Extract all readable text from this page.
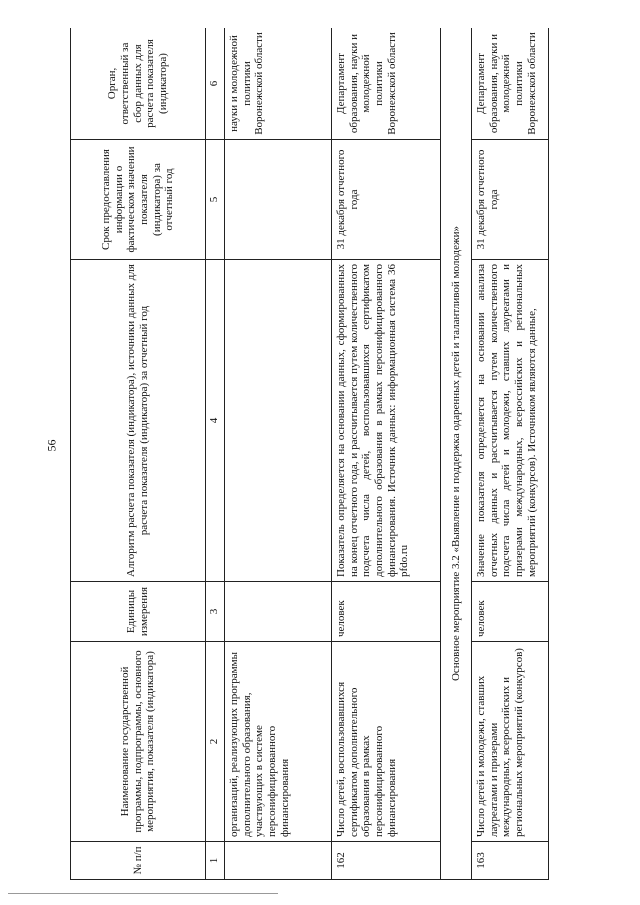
56
№ п/п	Наименование государственной программы, подпрограммы, основного мероприятия, показателя (индикатора)	Единицы измерения	Алгоритм расчета показателя (индикатора), источники данных для расчета показателя (индикатора) за отчетный год	Срок предоставления информации о фактическом значении показателя (индикатора) за отчетный год	Орган, ответственный за сбор данных для расчета показателя (индикатора)
1	2	3	4	5	6
	организаций, реализующих программы дополнительного образования, участвующих в системе персонифицированного финансирования				науки и молодежной политики Воронежской области
162	Число детей, воспользовавшихся сертификатом дополнительного образования в рамках персонифицированного финансирования	человек	Показатель определяется на основании данных, сформированных на конец отчетного года, и рассчитывается путем количественного подсчета числа детей, воспользовавшихся сертификатом дополнительного образования в рамках персонифицированного финансирования. Источник данных: информационная система 36 pfdo.ru	31 декабря отчетного года	Департамент образования, науки и молодежной политики Воронежской области
Основное мероприятие 3.2 «Выявление и поддержка одаренных детей и талантливой молодежи»					
163	Число детей и молодежи, ставших лауреатами и призерами международных, всероссийских и региональных мероприятий (конкурсов)	человек	Значение показателя определяется на основании анализа отчетных данных и рассчитывается путем количественного подсчета числа детей и молодежи, ставших лауреатами и призерами международных, всероссийских и региональных мероприятий (конкурсов). Источником являются данные,	31 декабря отчетного года	Департамент образования, науки и молодежной политики Воронежской области
